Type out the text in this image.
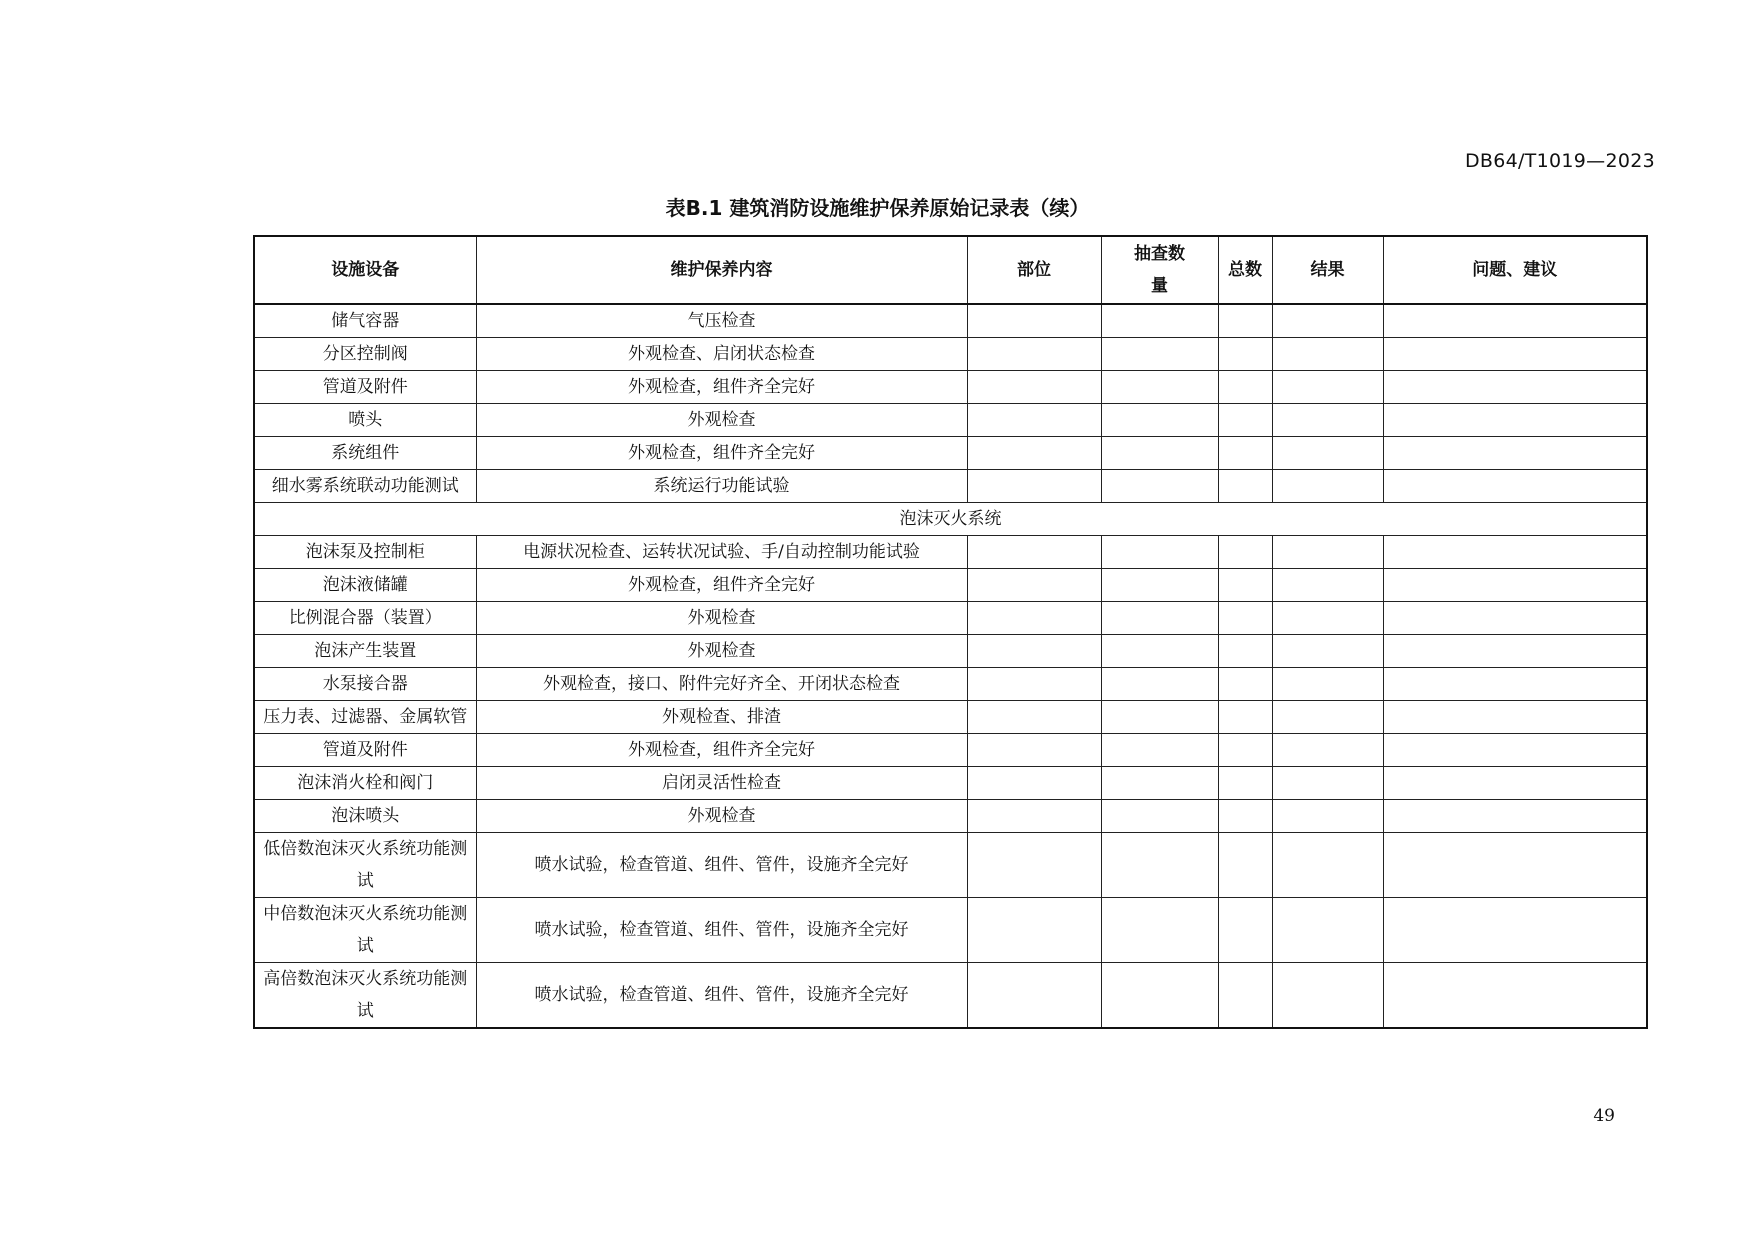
DB64/T1019—2023
表B.1 建筑消防设施维护保养原始记录表（续）
设施设备	维护保养内容	部位	抽查数量	总数	结果	问题、建议
储气容器	气压检查					
分区控制阀	外观检查、启闭状态检查					
管道及附件	外观检查，组件齐全完好					
喷头	外观检查					
系统组件	外观检查，组件齐全完好					
细水雾系统联动功能测试	系统运行功能试验					
泡沫灭火系统						
泡沫泵及控制柜	电源状况检查、运转状况试验、手/自动控制功能试验					
泡沫液储罐	外观检查，组件齐全完好					
比例混合器（装置）	外观检查					
泡沫产生装置	外观检查					
水泵接合器	外观检查，接口、附件完好齐全、开闭状态检查					
压力表、过滤器、金属软管	外观检查、排渣					
管道及附件	外观检查，组件齐全完好					
泡沫消火栓和阀门	启闭灵活性检查					
泡沫喷头	外观检查					
低倍数泡沫灭火系统功能测试	喷水试验，检查管道、组件、管件，设施齐全完好					
中倍数泡沫灭火系统功能测试	喷水试验，检查管道、组件、管件，设施齐全完好					
高倍数泡沫灭火系统功能测试	喷水试验，检查管道、组件、管件，设施齐全完好					
49
